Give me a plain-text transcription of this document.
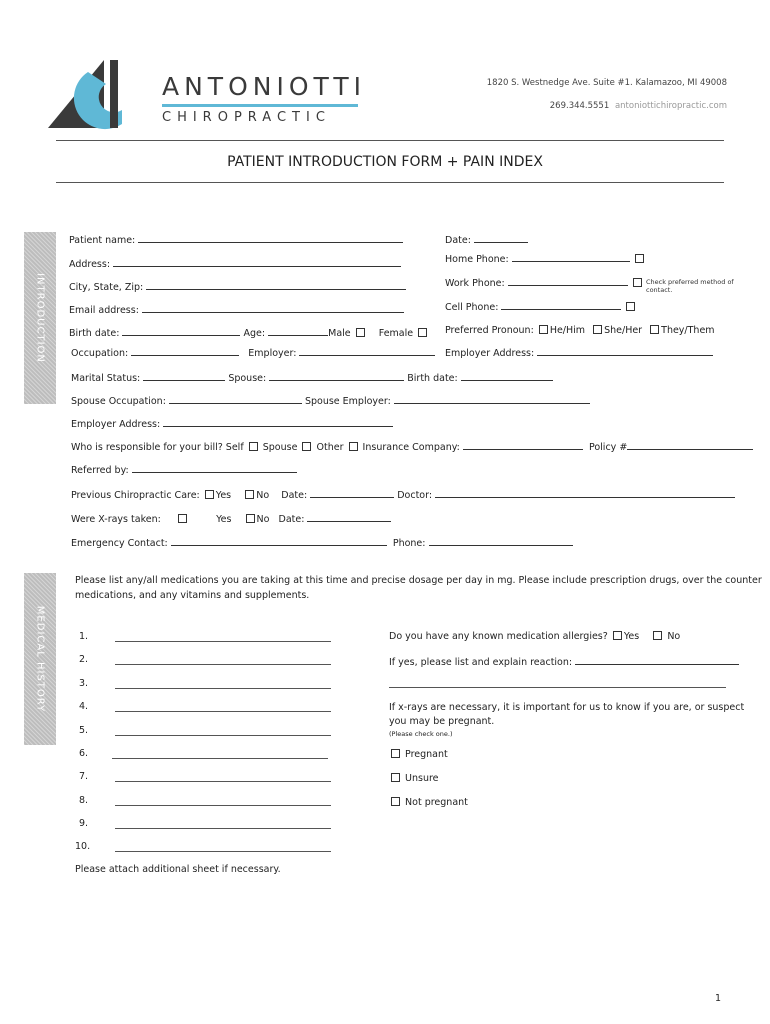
ANTONIOTTI
CHIROPRACTIC
1820 S. Westnedge Ave. Suite #1. Kalamazoo, MI 49008
269.344.5551 antoniottichiropractic.com
PATIENT INTRODUCTION FORM + PAIN INDEX
INTRODUCTION
MEDICAL HISTORY
Patient name:	Date:
Address:	Home Phone:
City, State, Zip:	Work Phone:	Check preferred method of contact.
Email address:	Cell Phone:
Birth date:	Age:	Male	Female	Preferred Pronoun: He/Him She/Her They/Them
Occupation:	Employer:	Employer Address:
Marital Status:	Spouse:	Birth date:
Spouse Occupation:	Spouse Employer:
Employer Address:
Who is responsible for your bill? Self Spouse Other Insurance Company:	Policy #
Referred by:
Previous Chiropractic Care: Yes	No Date:	Doctor:
Were X-rays taken:	Yes	No Date:
Emergency Contact:	Phone:
Please list any/all medications you are taking at this time and precise dosage per day in mg. Please include prescription drugs, over the counter
medications, and any vitamins and supplements.
1.
2.
3.
4.
5.
6.
7.
8.
9.
10.
Do you have any known medication allergies? Yes	No
If yes, please list and explain reaction:
If x-rays are necessary, it is important for us to know if you are, or suspect
you may be pregnant.
(Please check one.)
Pregnant
Unsure
Not pregnant
Please attach additional sheet if necessary.
1
